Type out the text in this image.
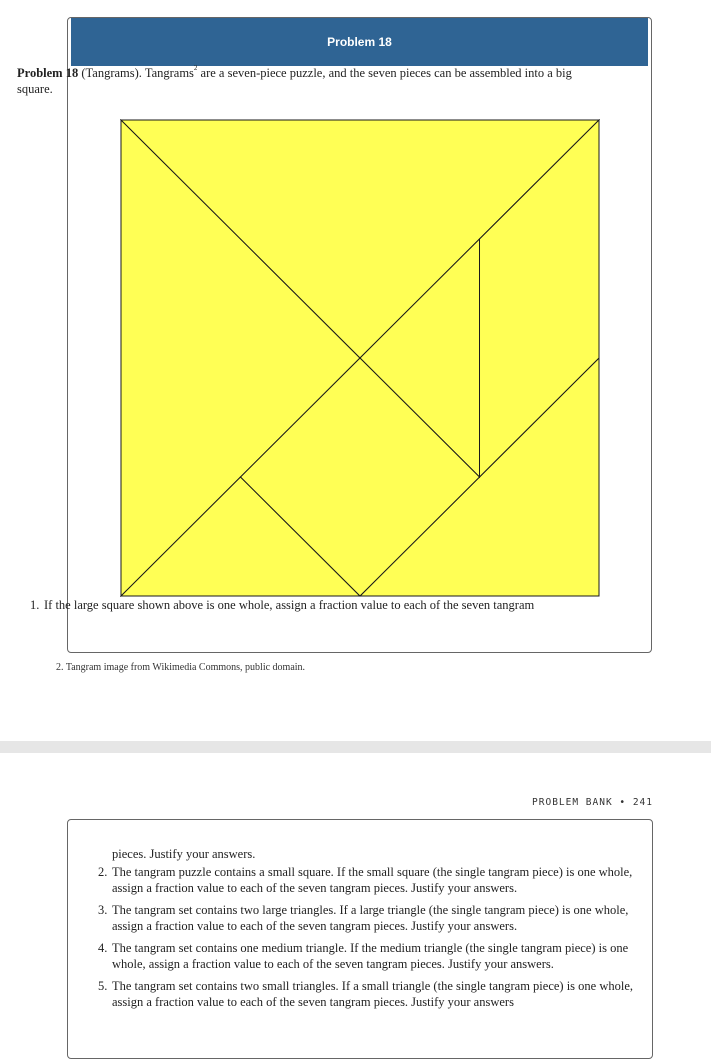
Problem 18
Problem 18 (Tangrams). Tangrams$^2$ are a seven-piece puzzle, and the seven pieces can be assembled into a big square.
1. If the large square shown above is one whole, assign a fraction value to each of the seven tangram
2. Tangram image from Wikimedia Commons, public domain.
PROBLEM BANK • 241
pieces. Justify your answers.
2. The tangram puzzle contains a small square. If the small square (the single tangram piece) is one whole, assign a fraction value to each of the seven tangram pieces. Justify your answers.
3. The tangram set contains two large triangles. If a large triangle (the single tangram piece) is one whole, assign a fraction value to each of the seven tangram pieces. Justify your answers.
4. The tangram set contains one medium triangle. If the medium triangle (the single tangram piece) is one whole, assign a fraction value to each of the seven tangram pieces. Justify your answers.
5. The tangram set contains two small triangles. If a small triangle (the single tangram piece) is one whole, assign a fraction value to each of the seven tangram pieces. Justify your answers
